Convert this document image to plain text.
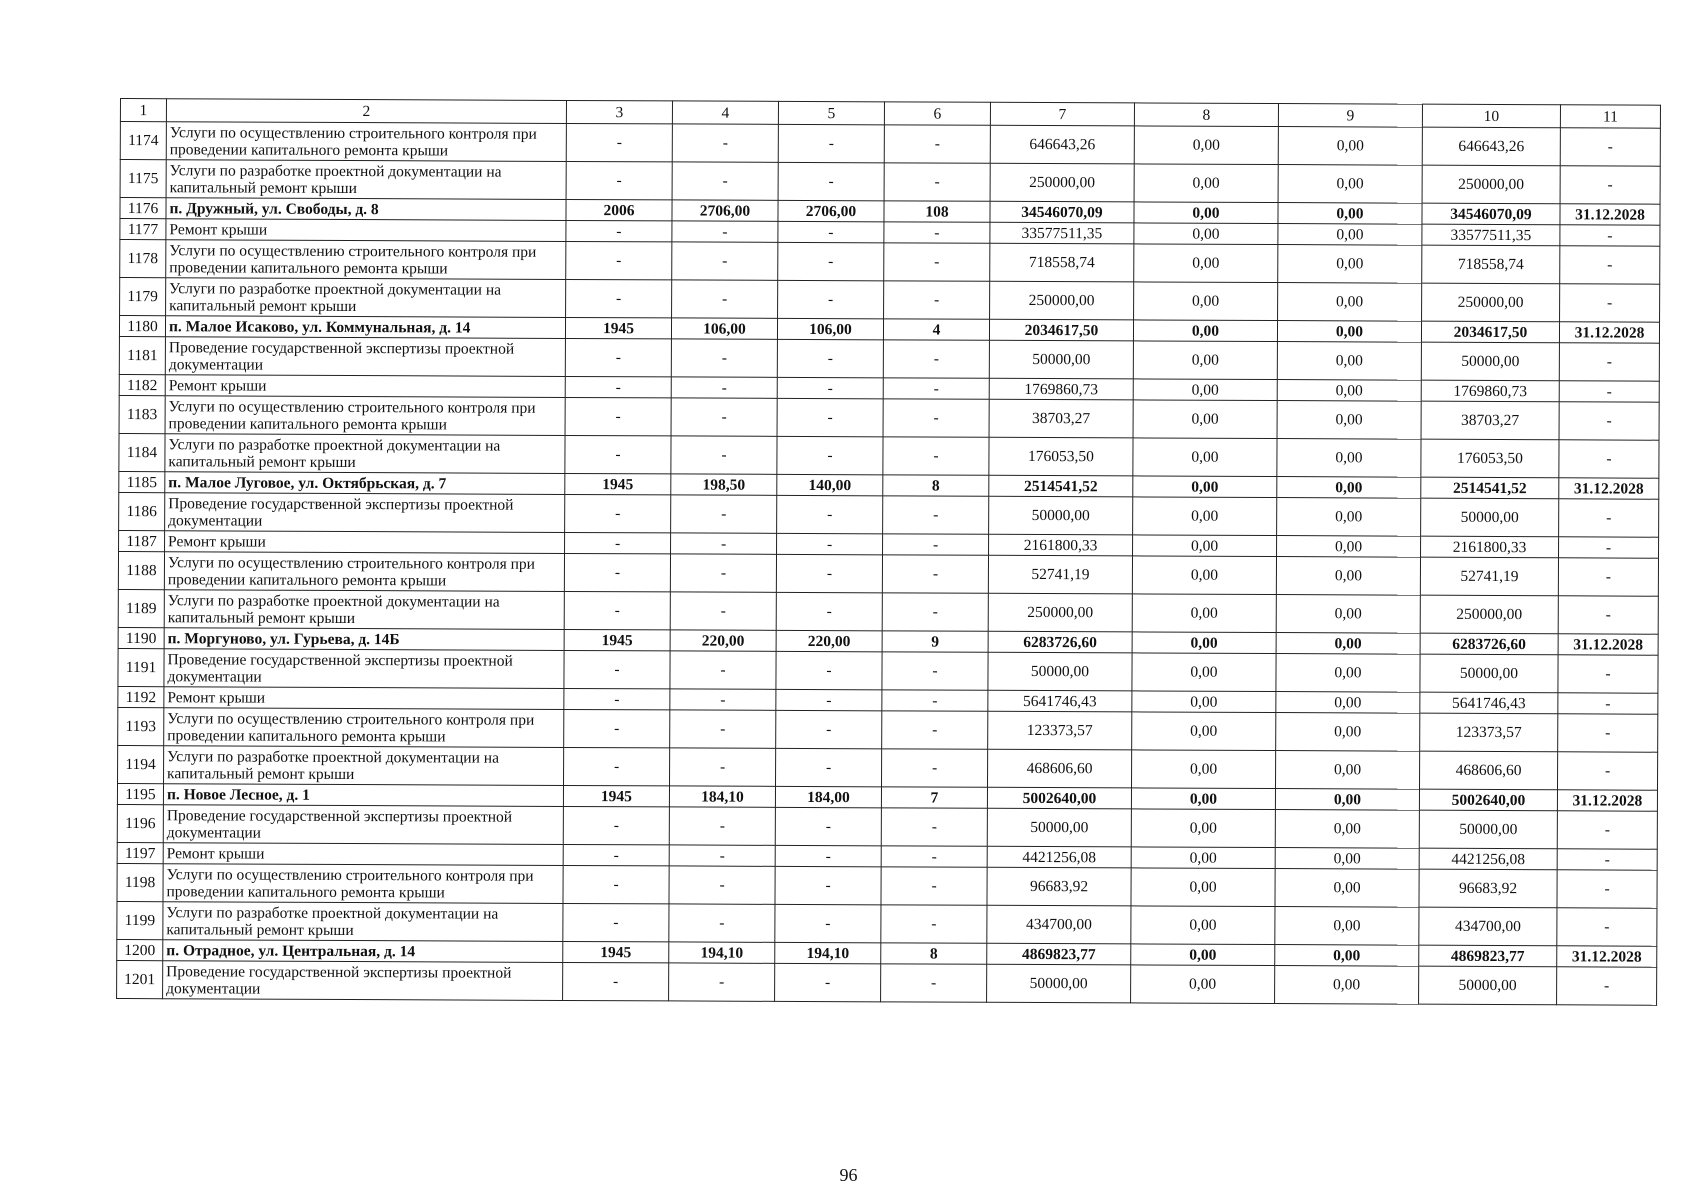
1	2	3	4	5	6	7	8	9	10	11
1174	Услуги по осуществлению строительного контроля при проведении капитального ремонта крыши	-	-	-	-	646643,26	0,00	0,00	646643,26	-
1175	Услуги по разработке проектной документации на капитальный ремонт крыши	-	-	-	-	250000,00	0,00	0,00	250000,00	-
1176	п. Дружный, ул. Свободы, д. 8	2006	2706,00	2706,00	108	34546070,09	0,00	0,00	34546070,09	31.12.2028
1177	Ремонт крыши	-	-	-	-	33577511,35	0,00	0,00	33577511,35	-
1178	Услуги по осуществлению строительного контроля при проведении капитального ремонта крыши	-	-	-	-	718558,74	0,00	0,00	718558,74	-
1179	Услуги по разработке проектной документации на капитальный ремонт крыши	-	-	-	-	250000,00	0,00	0,00	250000,00	-
1180	п. Малое Исаково, ул. Коммунальная, д. 14	1945	106,00	106,00	4	2034617,50	0,00	0,00	2034617,50	31.12.2028
1181	Проведение государственной экспертизы проектной документации	-	-	-	-	50000,00	0,00	0,00	50000,00	-
1182	Ремонт крыши	-	-	-	-	1769860,73	0,00	0,00	1769860,73	-
1183	Услуги по осуществлению строительного контроля при проведении капитального ремонта крыши	-	-	-	-	38703,27	0,00	0,00	38703,27	-
1184	Услуги по разработке проектной документации на капитальный ремонт крыши	-	-	-	-	176053,50	0,00	0,00	176053,50	-
1185	п. Малое Луговое, ул. Октябрьская, д. 7	1945	198,50	140,00	8	2514541,52	0,00	0,00	2514541,52	31.12.2028
1186	Проведение государственной экспертизы проектной документации	-	-	-	-	50000,00	0,00	0,00	50000,00	-
1187	Ремонт крыши	-	-	-	-	2161800,33	0,00	0,00	2161800,33	-
1188	Услуги по осуществлению строительного контроля при проведении капитального ремонта крыши	-	-	-	-	52741,19	0,00	0,00	52741,19	-
1189	Услуги по разработке проектной документации на капитальный ремонт крыши	-	-	-	-	250000,00	0,00	0,00	250000,00	-
1190	п. Моргуново, ул. Гурьева, д. 14Б	1945	220,00	220,00	9	6283726,60	0,00	0,00	6283726,60	31.12.2028
1191	Проведение государственной экспертизы проектной документации	-	-	-	-	50000,00	0,00	0,00	50000,00	-
1192	Ремонт крыши	-	-	-	-	5641746,43	0,00	0,00	5641746,43	-
1193	Услуги по осуществлению строительного контроля при проведении капитального ремонта крыши	-	-	-	-	123373,57	0,00	0,00	123373,57	-
1194	Услуги по разработке проектной документации на капитальный ремонт крыши	-	-	-	-	468606,60	0,00	0,00	468606,60	-
1195	п. Новое Лесное, д. 1	1945	184,10	184,00	7	5002640,00	0,00	0,00	5002640,00	31.12.2028
1196	Проведение государственной экспертизы проектной документации	-	-	-	-	50000,00	0,00	0,00	50000,00	-
1197	Ремонт крыши	-	-	-	-	4421256,08	0,00	0,00	4421256,08	-
1198	Услуги по осуществлению строительного контроля при проведении капитального ремонта крыши	-	-	-	-	96683,92	0,00	0,00	96683,92	-
1199	Услуги по разработке проектной документации на капитальный ремонт крыши	-	-	-	-	434700,00	0,00	0,00	434700,00	-
1200	п. Отрадное, ул. Центральная, д. 14	1945	194,10	194,10	8	4869823,77	0,00	0,00	4869823,77	31.12.2028
1201	Проведение государственной экспертизы проектной документации	-	-	-	-	50000,00	0,00	0,00	50000,00	-
96
